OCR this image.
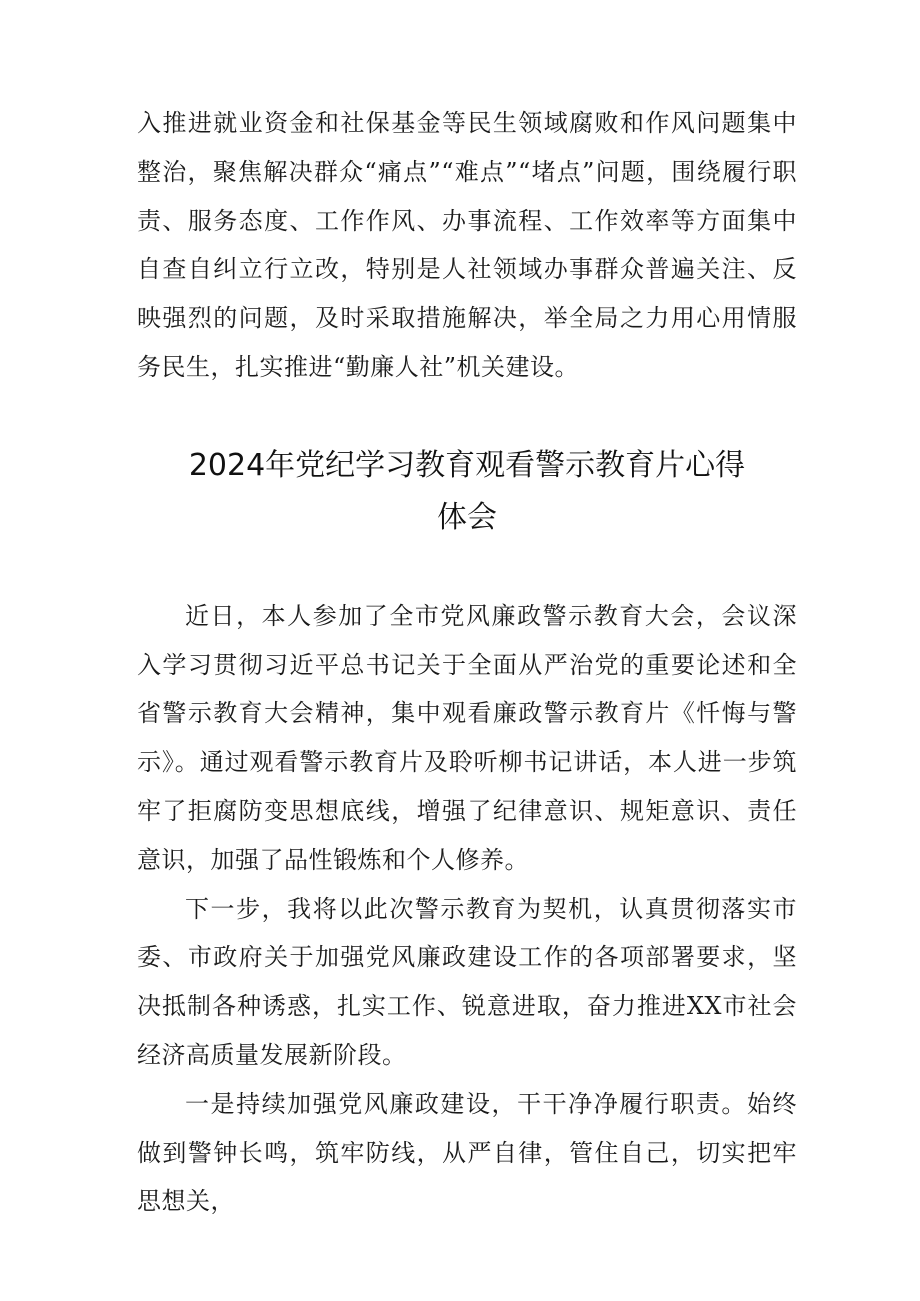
入推进就业资金和社保基金等民生领域腐败和作风问题集中整治，聚焦解决群众“痛点”“难点”“堵点”问题，围绕履行职责、服务态度、工作作风、办事流程、工作效率等方面集中自查自纠立行立改，特别是人社领域办事群众普遍关注、反映强烈的问题，及时采取措施解决，举全局之力用心用情服务民生，扎实推进“勤廉人社”机关建设。

2024年党纪学习教育观看警示教育片心得
体会

近日，本人参加了全市党风廉政警示教育大会，会议深入学习贯彻习近平总书记关于全面从严治党的重要论述和全省警示教育大会精神，集中观看廉政警示教育片《忏悔与警示》。通过观看警示教育片及聆听柳书记讲话，本人进一步筑牢了拒腐防变思想底线，增强了纪律意识、规矩意识、责任意识，加强了品性锻炼和个人修养。

下一步，我将以此次警示教育为契机，认真贯彻落实市委、市政府关于加强党风廉政建设工作的各项部署要求，坚决抵制各种诱惑，扎实工作、锐意进取，奋力推进XX市社会经济高质量发展新阶段。

一是持续加强党风廉政建设，干干净净履行职责。始终做到警钟长鸣，筑牢防线，从严自律，管住自己，切实把牢思想关，
